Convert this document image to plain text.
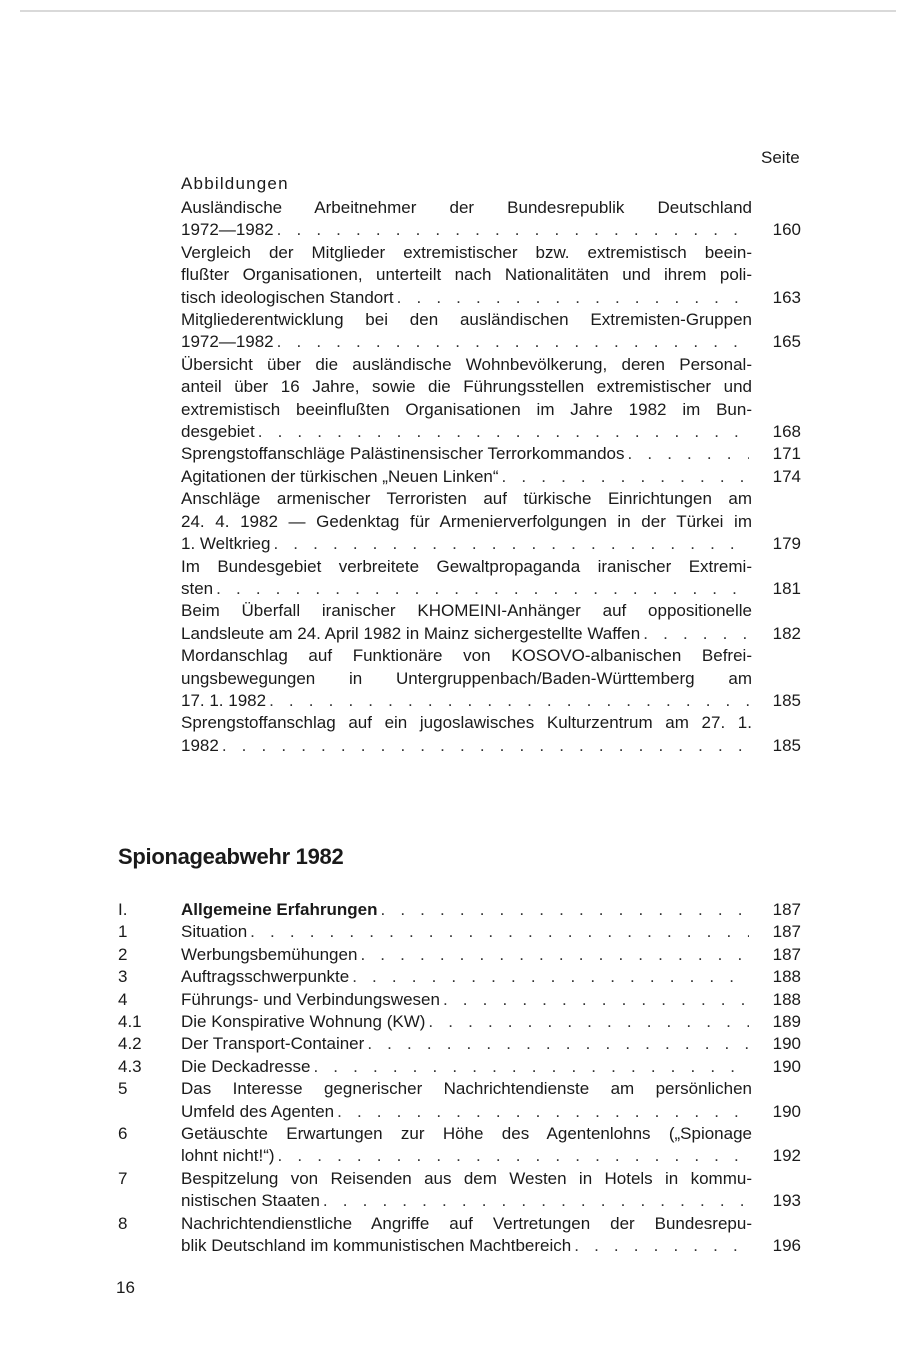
Seite
Abbildungen
Ausländische Arbeitnehmer der Bundesrepublik Deutschland
1972—1982 . . .	160
Vergleich der Mitglieder extremistischer bzw. extremistisch beein-
flußter Organisationen, unterteilt nach Nationalitäten und ihrem poli-
tisch ideologischen Standort . . .	163
Mitgliederentwicklung bei den ausländischen Extremisten-Gruppen
1972—1982 . . .	165
Übersicht über die ausländische Wohnbevölkerung, deren Personal-
anteil über 16 Jahre, sowie die Führungsstellen extremistischer und
extremistisch beeinflußten Organisationen im Jahre 1982 im Bun-
desgebiet . . .	168
Sprengstoffanschläge Palästinensischer Terrorkommandos . . .	171
Agitationen der türkischen „Neuen Linken“ . . .	174
Anschläge armenischer Terroristen auf türkische Einrichtungen am
24. 4. 1982 — Gedenktag für Armenierverfolgungen in der Türkei im
1. Weltkrieg . . .	179
Im Bundesgebiet verbreitete Gewaltpropaganda iranischer Extremi-
sten . . .	181
Beim Überfall iranischer KHOMEINI-Anhänger auf oppositionelle
Landsleute am 24. April 1982 in Mainz sichergestellte Waffen . . .	182
Mordanschlag auf Funktionäre von KOSOVO-albanischen Befrei-
ungsbewegungen in Untergruppenbach/Baden-Württemberg am
17. 1. 1982 . . .	185
Sprengstoffanschlag auf ein jugoslawisches Kulturzentrum am 27. 1.
1982 . . .	185
Spionageabwehr 1982
I.	Allgemeine Erfahrungen . . .	187
1	Situation . . .	187
2	Werbungsbemühungen . . .	187
3	Auftragsschwerpunkte . . .	188
4	Führungs- und Verbindungswesen . . .	188
4.1	Die Konspirative Wohnung (KW) . . .	189
4.2	Der Transport-Container . . .	190
4.3	Die Deckadresse . . .	190
5	Das Interesse gegnerischer Nachrichtendienste am persönlichen
Umfeld des Agenten . . .	190
6	Getäuschte Erwartungen zur Höhe des Agentenlohns („Spionage
lohnt nicht!“) . . .	192
7	Bespitzelung von Reisenden aus dem Westen in Hotels in kommu-
nistischen Staaten . . .	193
8	Nachrichtendienstliche Angriffe auf Vertretungen der Bundesrepu-
blik Deutschland im kommunistischen Machtbereich . . .	196
16
